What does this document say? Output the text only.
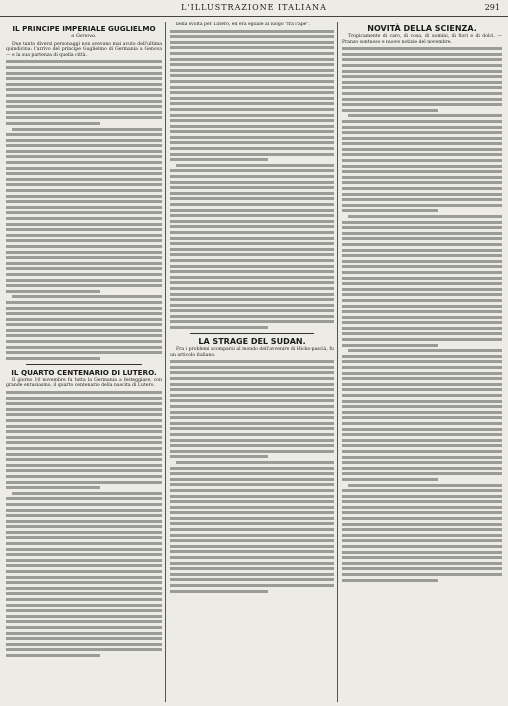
L'ILLUSTRAZIONE ITALIANA	291
IL PRINCIPE IMPERIALE GUGLIELMO
a Genova.

Due tanto diversi personaggi non avevano mai avuto dell'ultima quindicina: l'arrivo del principe Guglielmo di Germania a Genova — e la sua partenza di quella città.

IL QUARTO CENTENARIO DI LUTERO.

Il giorno 10 novembre fu tutta la Germania a festeggiare, con grande entusiasmo, il quarto centenario della nascita di Lutero.

bella svolta per Lutero, ed era eguale al luogo "fra l'ape".

LA STRAGE DEL SUDAN.

Fra i problemi scomparsi al mondo dell'avvenire di Hicks-pascià, fu un articolo italiano.

NOVITÀ DELLA SCIENZA.

Tropicamente di caro, di cosa, di uomini, di fiori e di dolci. — Pranzo sontuoso e nuove notizie del novembre.
